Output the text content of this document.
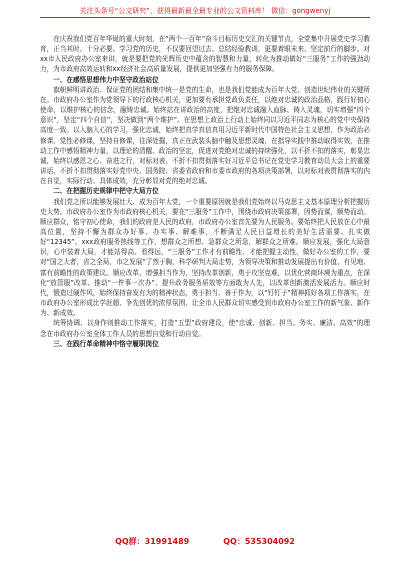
关注头条号“公文研究”，获得最新最全最专业的公文资料库！ 微信：gongwenyj

在庆祝我们党百年华诞的重大时刻，在“两个一百年”奋斗目标历史交汇的关键节点，全党集中开展党史学习教育，正当其时、十分必要。学习党的历史，不仅要回望过去、总结经验教训，更要着眼未来、坚定前行的脚步。对xx市人民政府办公室来讲，就是要把党的光辉历史中蕴含的智慧和力量，转化为推动做好“三服务”工作的强劲动力，为市政府高效运转和xx经济社会高质量发展，提供更加坚强有力的服务保障。

一、在感悟思想伟力中坚守政治站位

旗帜鲜明讲政治、保证党的团结和集中统一是党的生命，也是我们党能成为百年大党、创造世纪伟业的关键所在。市政府办公室作为党领导下的行政核心机关，更加要有承担党政负责任，以绝对忠诚的政治品格，践行好初心使命，以维护核心的信念，融铸忠诚。始终站在讲政治的高度，把绝对忠诚融入血脉、铸入灵魂，切实增强“四个意识”，坚定“四个自信”，坚决做到“两个维护”。在思想上政治上行动上始终同以习近平同志为核心的党中央保持高度一致。以入脑入心的学习，强化忠诚，始终把真学真信真用习近平新时代中国特色社会主义思想，作为政治必修课、党性必修课，坚持自修课，往深处掘，真正在武装头脑中触及思想灵魂，在指导实践中推动取得实效，在推动工作中感悟精神力量，以理论的清醒、政治的坚定，促进对党绝对忠诚的持续强化，以不折不扣的落实，彰显忠诚，始终以感恩之心、奋进之行，对标对表、不折不扣贯彻落实好习近平总书记在党史学习教育动员大会上的重要讲话，不折不扣贯彻落实好党中央、国务院、省委省政府和市委市政府的各项决策部署，以对标对表贯彻落实的内在自觉，实际行动、具体成效，充分彰显对党的绝对忠诚。

二、在把握历史规律中把守大局方位

我们党之所以能够发展壮大、成为百年大党，一个重要原因就是我们党始终以马克思主义基本原理分析把握历史大势。市政府办公室作为市政府核心机关，要在“三服务”工作中，围绕市政府决策部署，因势而谋，顺势而动。顺应群众，铭守初心使命，我们的政府是人民的政府，市政府办公室首先要为人民服务。要始终把人民放在心中最高位置，坚持不懈为群众办好事、办实事、解难事，不断满足人民日益增长的美好生活需要。扎实做好“12345”、xxx政府服务热线等工作，想群众之所想、急群众之所急，解群众之所难。顺应发展，强化大局意识，心中装着大局，才能站得高、看得远，“三服务”工作才有前瞻性、才能把握主动性，做好办公室的工作，要对“国之大者，省之全局，市之发展”了然于胸，科学研判大局走势，为领导决策和推动发展提出有价值、有见地、富有前瞻性的政策建议。顺应改革，增强担当作为，坚持改革创新，勇于攻坚克难，以优化营商环境为重点，在深化“放管服”改革、推动“一件事一次办”、提升政务服务质效等方面敢为人先，以改革创新激活发展活力。顺应时代，锻造过硬作风，始终保持奋发有为的精神状态，勇于担当、善于作为，以“钉钉子”精神抓好各项工作落实，在市政府办公室形成比学赶超、争先创优的浓厚氛围，让全市人民群众切实感受到市政府办公室工作的新气象、新作为、新成效。

统筹协调、以身作则推动工作落实，打造“五型”政府建设，使“忠诚、创新、担当、务实、廉洁、高效”的理念在市政府办公室全体工作人员的思想自觉和行动自觉。

三、在践行革命精神中恪守履职岗位
QQ群：31991489	QQ：535304092
